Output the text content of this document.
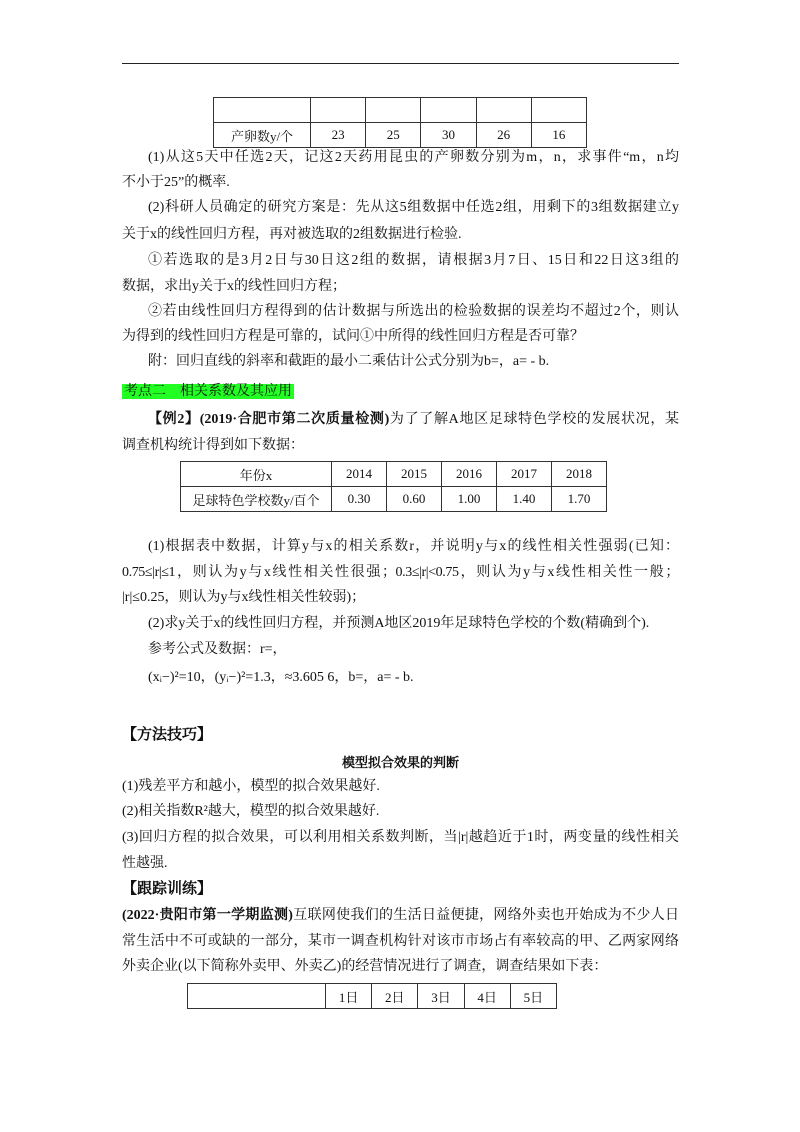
产卵数y/个	23	25	30	26	16
(1)从这5天中任选2天，记这2天药用昆虫的产卵数分别为m，n，求事件“m，n均
不小于25”的概率.
(2)科研人员确定的研究方案是：先从这5组数据中任选2组，用剩下的3组数据建立y
关于x的线性回归方程，再对被选取的2组数据进行检验.
①若选取的是3月2日与30日这2组的数据，请根据3月7日、15日和22日这3组的
数据，求出y关于x的线性回归方程；
②若由线性回归方程得到的估计数据与所选出的检验数据的误差均不超过2个，则认
为得到的线性回归方程是可靠的，试问①中所得的线性回归方程是否可靠？
附：回归直线的斜率和截距的最小二乘估计公式分别为b=，a= - b.
考点二　相关系数及其应用
【例2】(2019·合肥市第二次质量检测)为了了解A地区足球特色学校的发展状况，某
调查机构统计得到如下数据：
年份x	2014	2015	2016	2017	2018
足球特色学校数y/百个	0.30	0.60	1.00	1.40	1.70
(1)根据表中数据，计算y与x的相关系数r，并说明y与x的线性相关性强弱(已知：
0.75≤|r|≤1，则认为y与x线性相关性很强；0.3≤|r|<0.75，则认为y与x线性相关性一般；
|r|≤0.25，则认为y与x线性相关性较弱)；
(2)求y关于x的线性回归方程，并预测A地区2019年足球特色学校的个数(精确到个).
参考公式及数据：r=，
(xᵢ−)²=10，(yᵢ−)²=1.3，≈3.605 6，b=，a= - b.
【方法技巧】
模型拟合效果的判断
(1)残差平方和越小，模型的拟合效果越好.
(2)相关指数R²越大，模型的拟合效果越好.
(3)回归方程的拟合效果，可以利用相关系数判断，当|r|越趋近于1时，两变量的线性相关
性越强.
【跟踪训练】
(2022·贵阳市第一学期监测)互联网使我们的生活日益便捷，网络外卖也开始成为不少人日
常生活中不可或缺的一部分，某市一调查机构针对该市市场占有率较高的甲、乙两家网络
外卖企业(以下简称外卖甲、外卖乙)的经营情况进行了调查，调查结果如下表：
	1日	2日	3日	4日	5日
